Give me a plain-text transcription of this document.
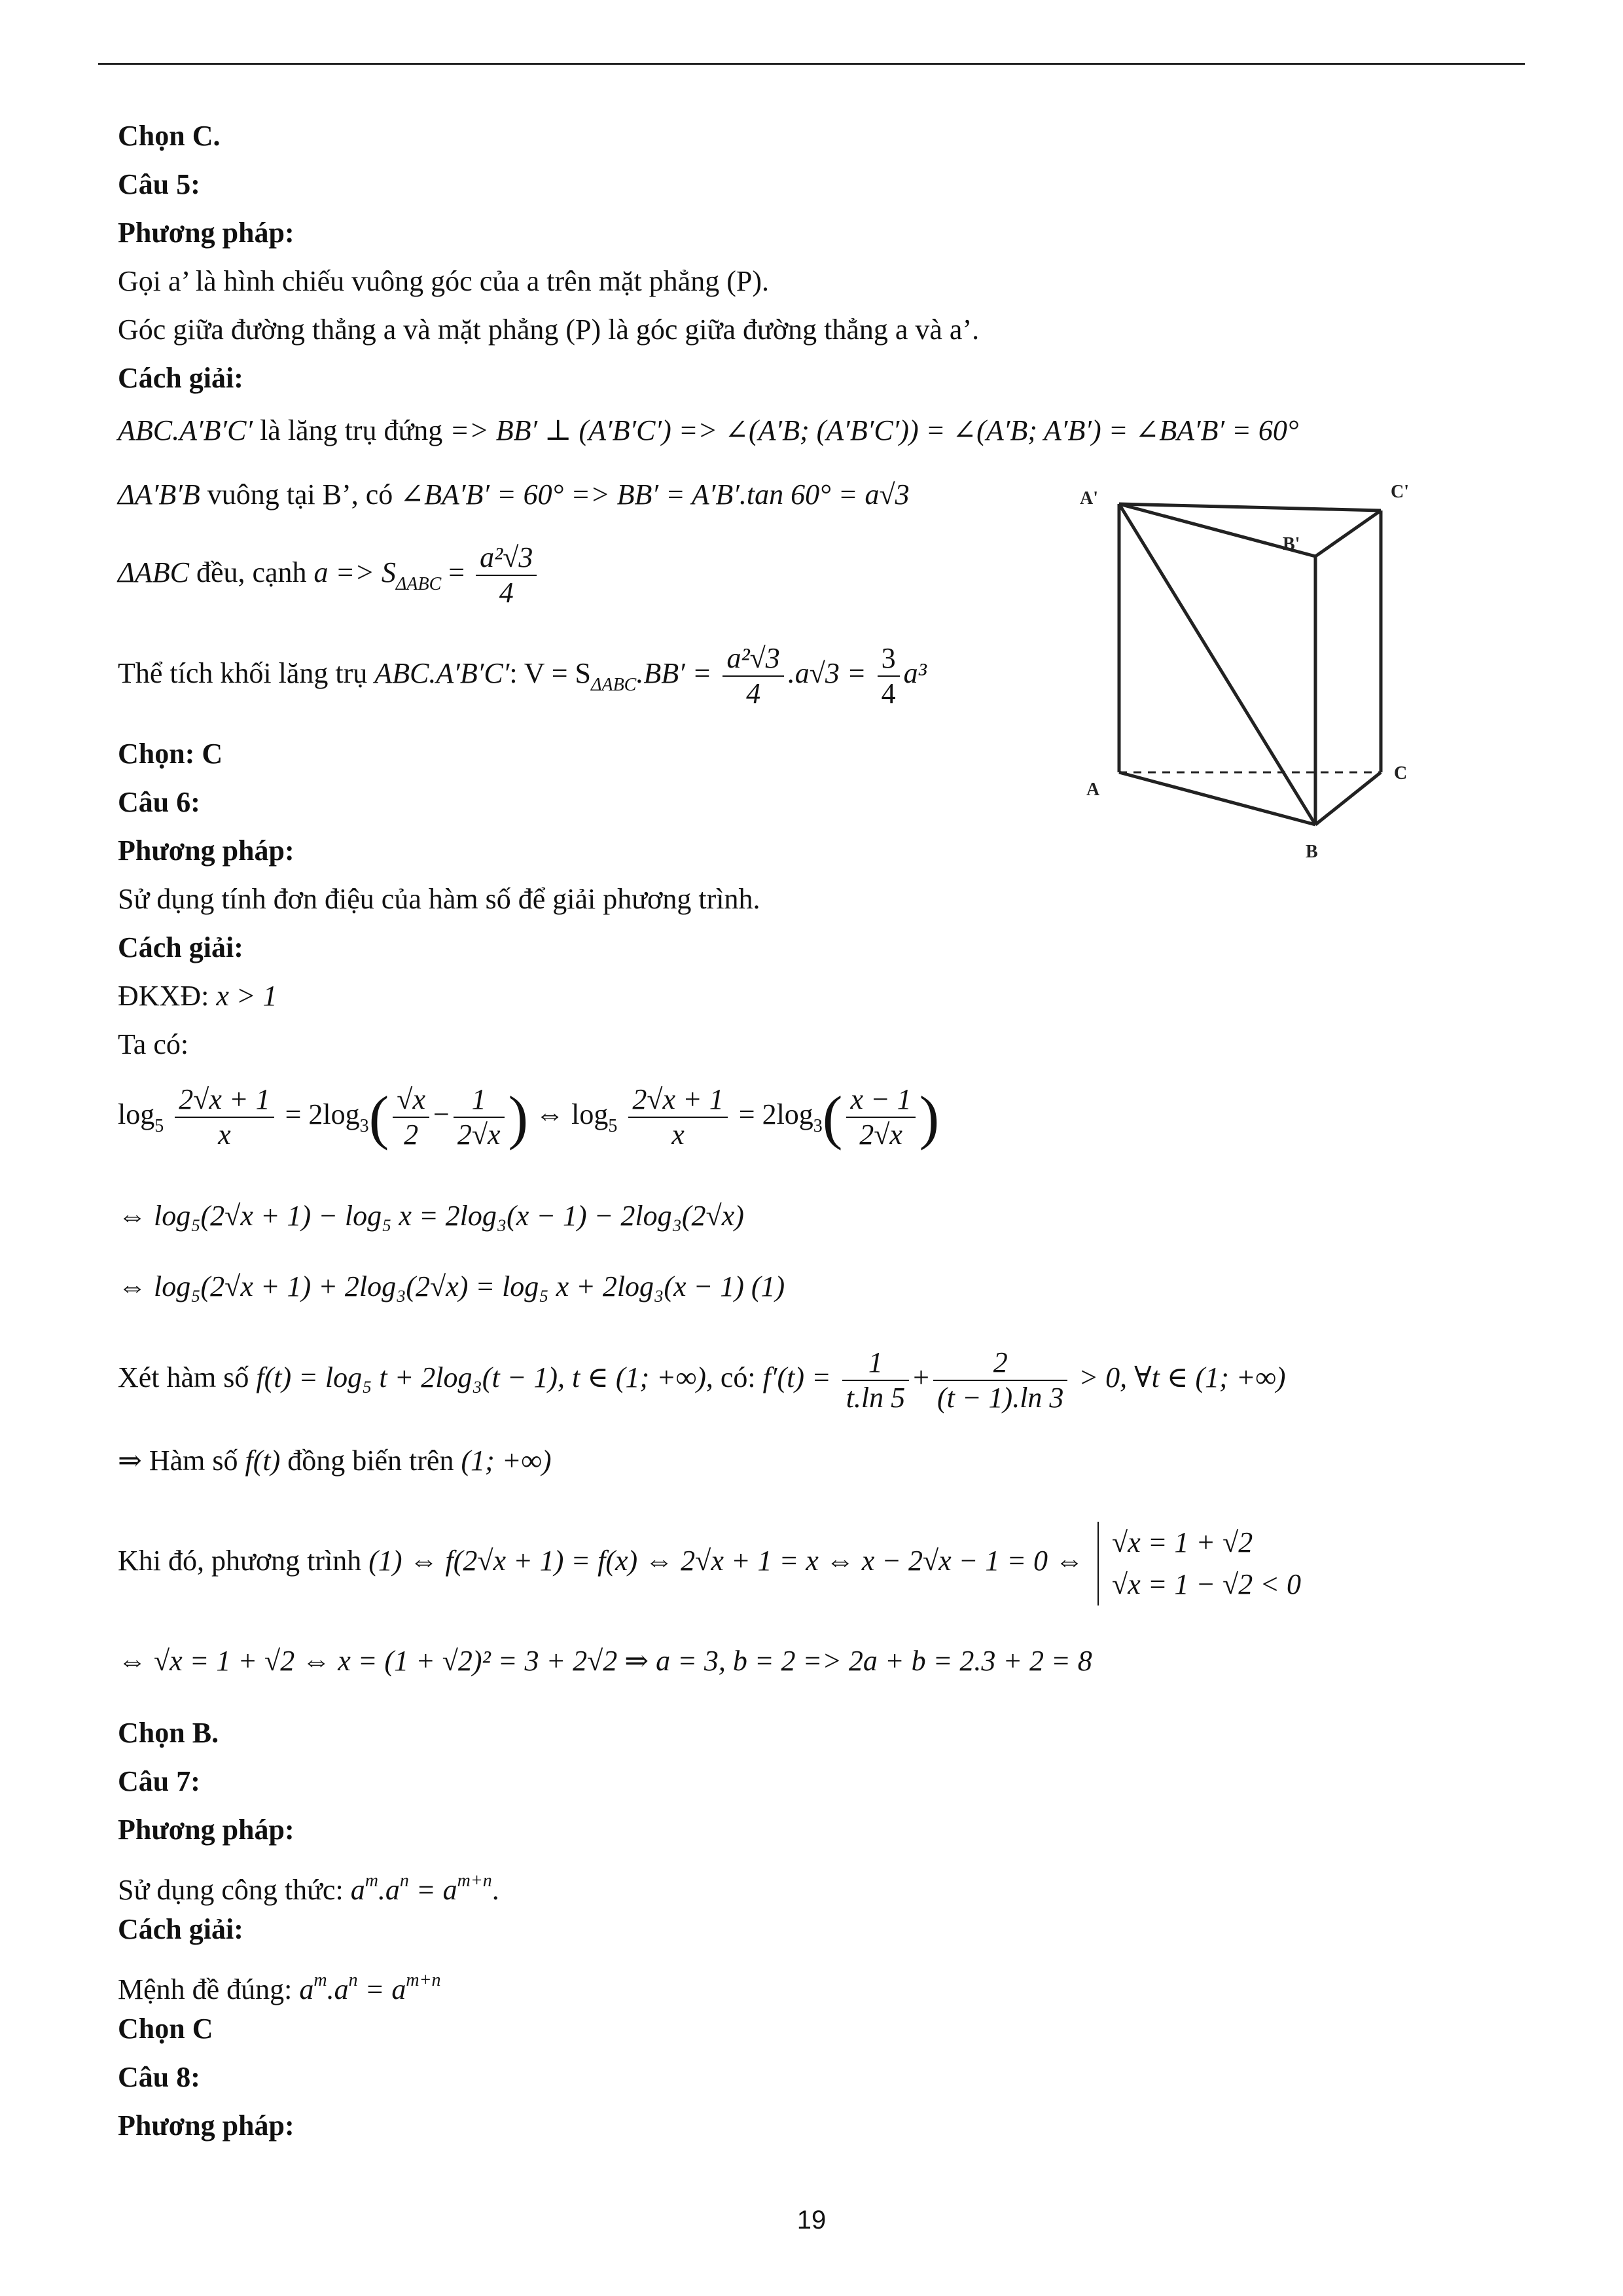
Chọn C.
Câu 5:
Phương pháp:
Gọi a’ là hình chiếu vuông góc của a trên mặt phẳng (P).
Góc giữa đường thẳng a và mặt phẳng (P) là góc giữa đường thẳng a và a’.
Cách giải:
ABC.A′B′C′ là lăng trụ đứng => BB′ ⊥ (A′B′C′) => ∠(A′B; (A′B′C′)) = ∠(A′B; A′B′) = ∠BA′B′ = 60°
ΔA′B′B vuông tại B’, có ∠BA′B′ = 60° => BB′ = A′B′.tan 60° = a√3
ΔABC đều, cạnh $a => S_{\Delta ABC} = \frac{\text{a²√3}}{4}$
Thể tích khối lăng trụ ABC.A′B′C′: $V = S_{\Delta ABC}.BB' = \frac{\text{a²√3}}{4} .a√3 = \frac{3}{4} a^3$
A'
B'
C'
A
B
C
Chọn: C
Câu 6:
Phương pháp:
Sử dụng tính đơn điệu của hàm số để giải phương trình.
Cách giải:
ĐKXĐ: x > 1
Ta có:
$\log_5 \frac{2√x + 1}{x} = 2\log_3( \frac{√x}{2} - \frac{1}{2√x}$ ) ⇔ $\log_5 \frac{2√x + 1}{x} = 2\log_3( \frac{x - 1}{2√x}$ )
⇔ log₅(2√x + 1) − log₅ x = 2log₃(x − 1) − 2log₃(2√x)
⇔ log₅(2√x + 1) + 2log₃(2√x) = log₅ x + 2log₃(x − 1) (1)
Xét hàm số f(t) = log₅ t + 2log₃(t − 1), t ∈ (1; +∞), có: $f'(t) = \frac{1}{t.\ln 5} + \frac{2}{(t - 1).\ln 3} > 0$, ∀t ∈ (1; +∞)
⇒ Hàm số f(t) đồng biến trên (1; +∞)
Khi đó, phương trình (1) ⇔ f(2√x + 1) = f(x) ⇔ 2√x + 1 = x ⇔ x − 2√x − 1 = 0 ⇔
√x = 1 + √2
√x = 1 − √2 < 0
⇔ √x = 1 + √2 ⇔ x = (1 + √2)² = 3 + 2√2 ⇒ a = 3, b = 2 => 2a + b = 2.3 + 2 = 8
Chọn B.
Câu 7:
Phương pháp:
Sử dụng công thức: $a^m.a^n = a^{m+n}$.
Cách giải:
Mệnh đề đúng: $a^m.a^n = a^{m+n}$
Chọn C
Câu 8:
Phương pháp:
19
